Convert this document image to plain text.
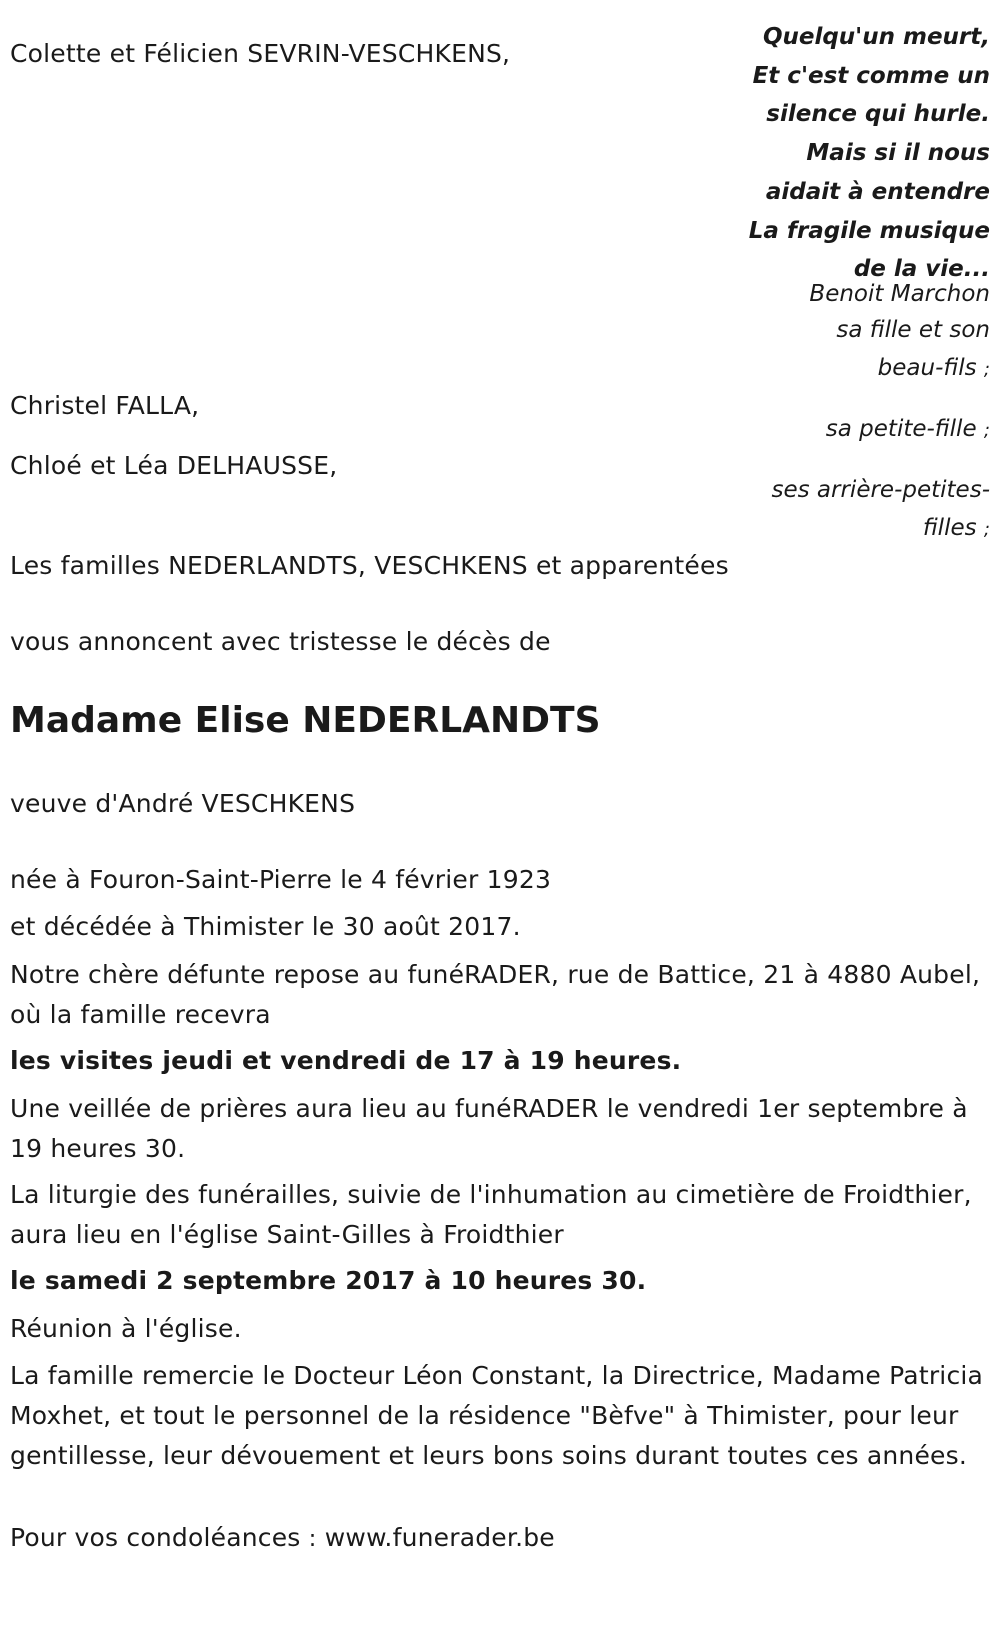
Colette et Félicien SEVRIN-VESCHKENS,

Christel FALLA,

Chloé et Léa DELHAUSSE,

Les familles NEDERLANDTS, VESCHKENS et apparentées

Quelqu'un meurt,
Et c'est comme un
silence qui hurle.
Mais si il nous
aidait à entendre
La fragile musique
de la vie...
Benoit Marchon
sa fille et son
beau-fils ;
sa petite-fille ;
ses arrière-petites-
filles ;

vous annoncent avec tristesse le décès de

Madame Elise NEDERLANDTS

veuve d'André VESCHKENS

née à Fouron-Saint-Pierre le 4 février 1923

et décédée à Thimister le 30 août 2017.

Notre chère défunte repose au funéRADER, rue de Battice, 21 à 4880 Aubel, où la famille recevra

les visites jeudi et vendredi de 17 à 19 heures.

Une veillée de prières aura lieu au funéRADER le vendredi 1er septembre à 19 heures 30.

La liturgie des funérailles, suivie de l'inhumation au cimetière de Froidthier, aura lieu en l'église Saint-Gilles à Froidthier

le samedi 2 septembre 2017 à 10 heures 30.

Réunion à l'église.

La famille remercie le Docteur Léon Constant, la Directrice, Madame Patricia Moxhet, et tout le personnel de la résidence "Bèfve" à Thimister, pour leur gentillesse, leur dévouement et leurs bons soins durant toutes ces années.

Pour vos condoléances : www.funerader.be
